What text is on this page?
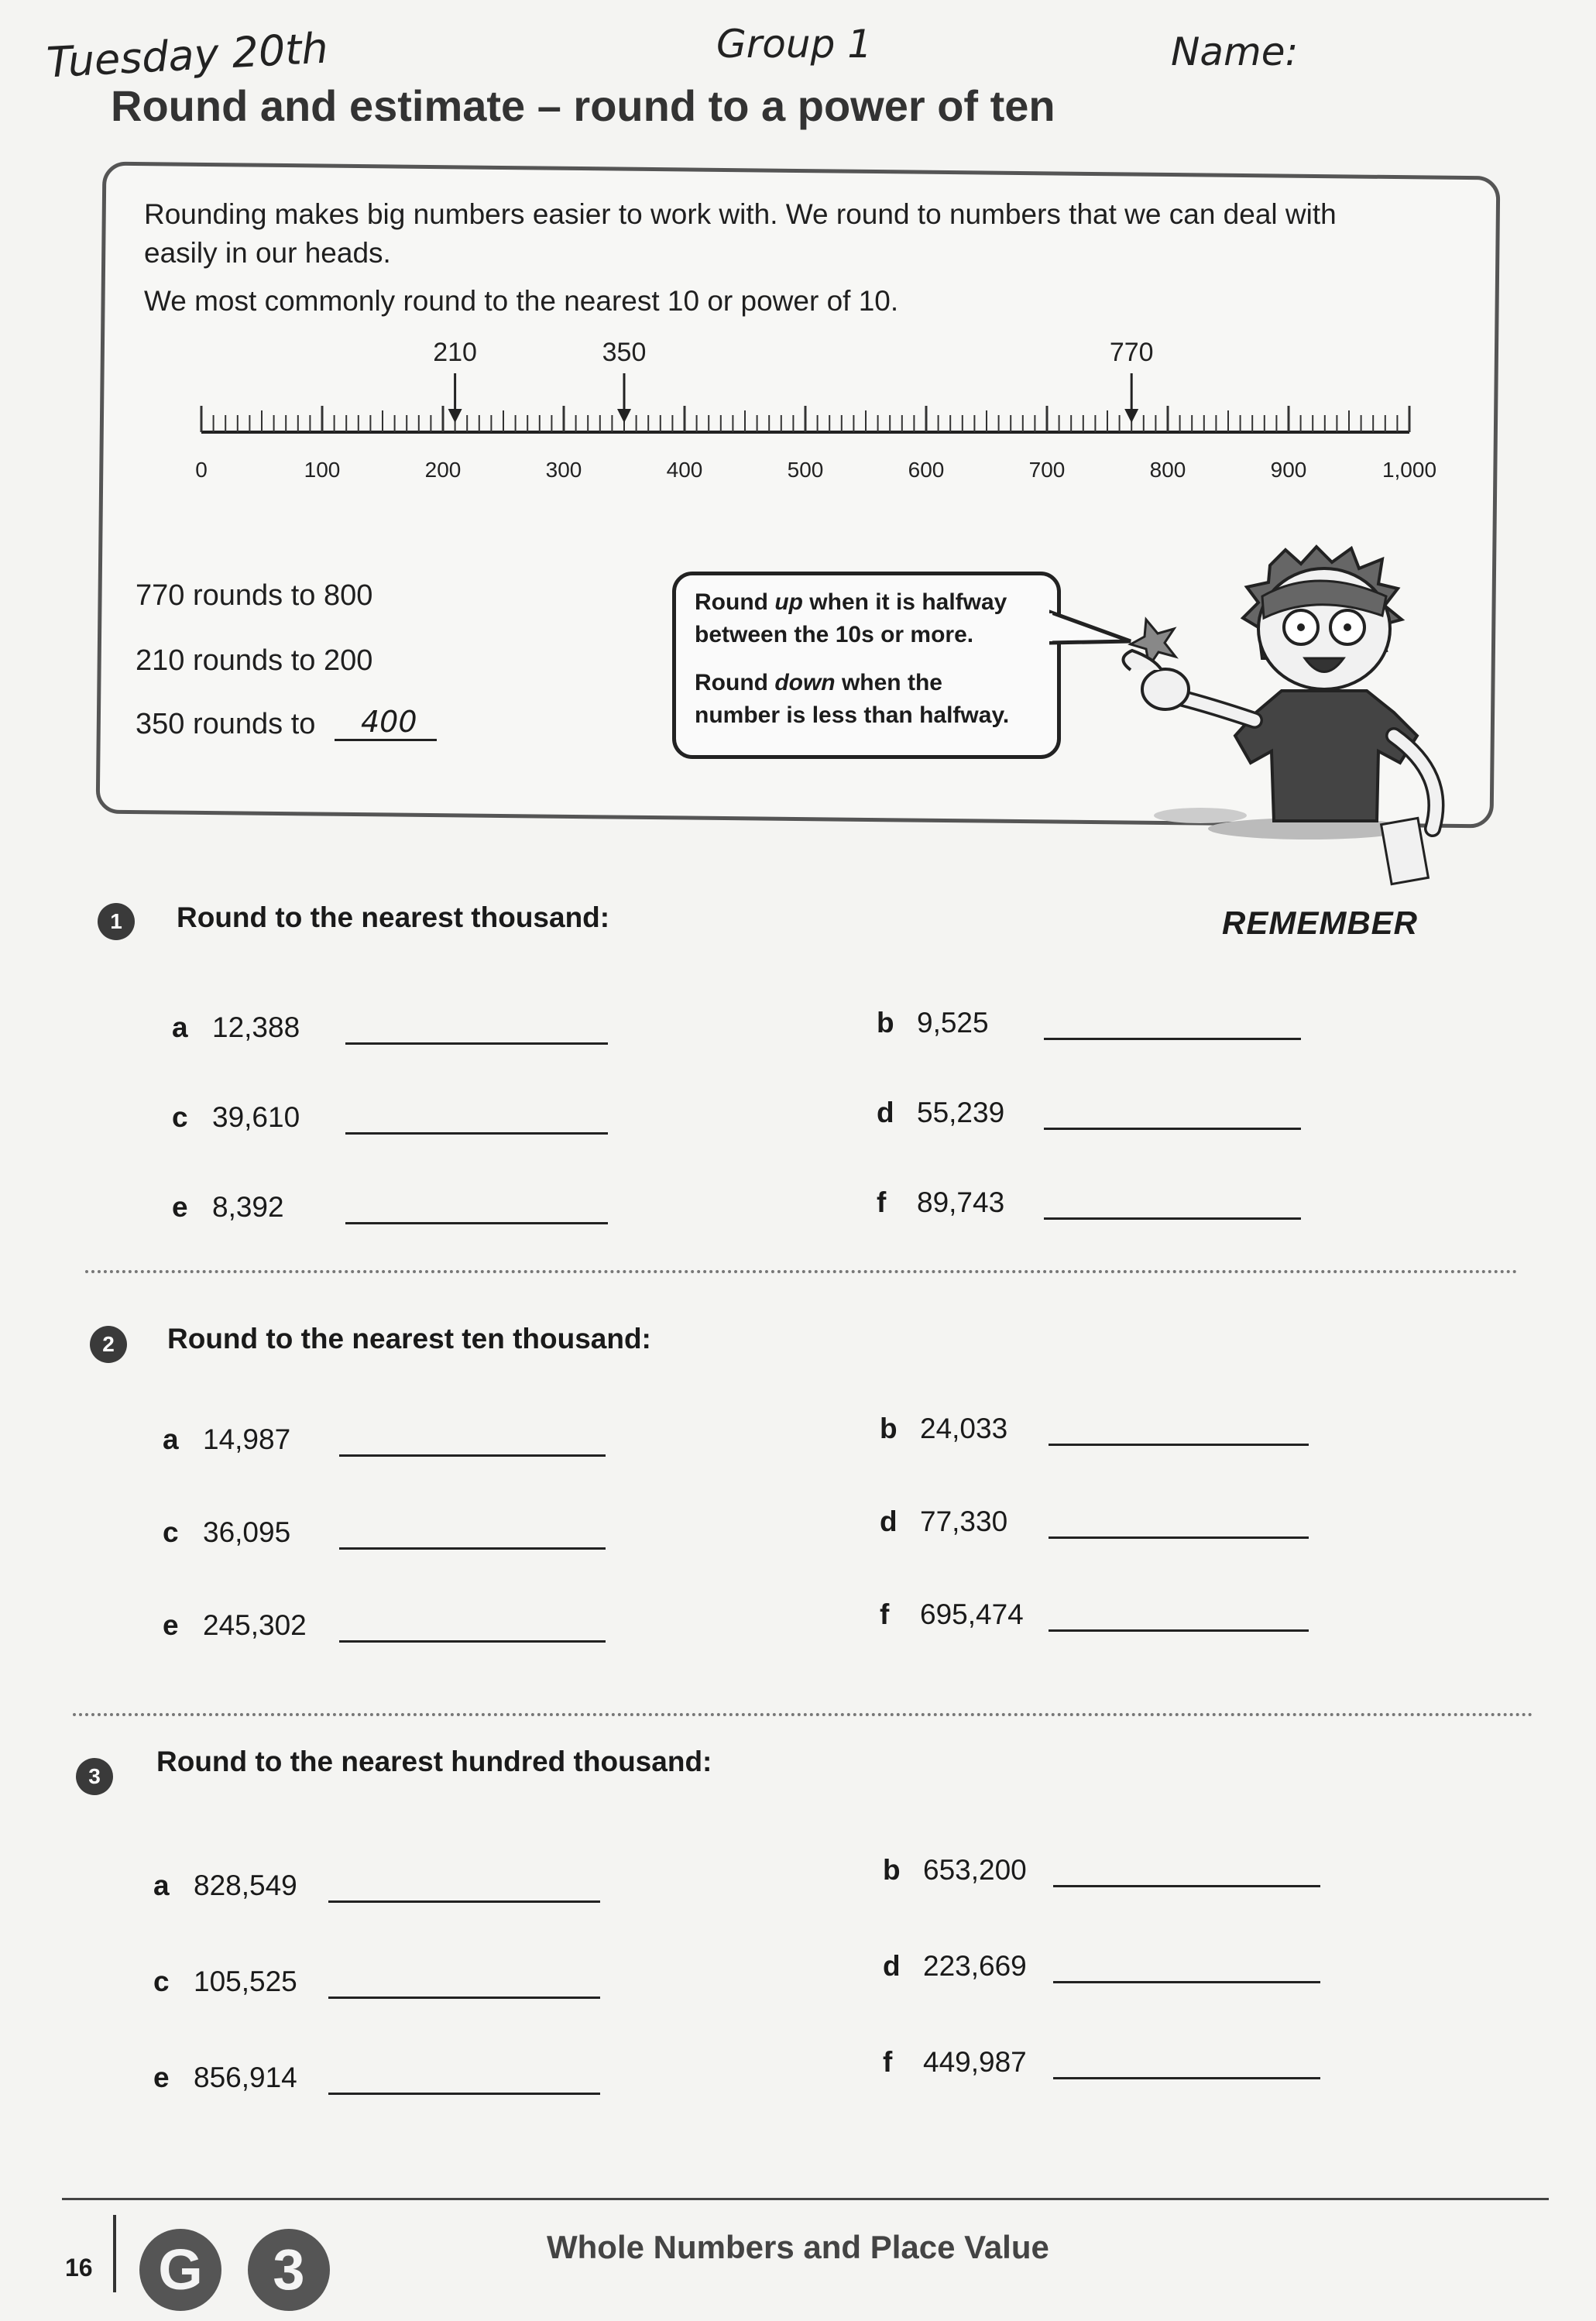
Tuesday 20th	Group 1	Name:
Round and estimate – round to a power of ten
Rounding makes big numbers easier to work with. We round to numbers that we can deal with
easily in our heads.
We most commonly round to the nearest 10 or power of 10.
0	100	200	300	400	500	600	700	800	900	1,000
210	350	770
770 rounds to 800
210 rounds to 200
350 rounds to 400

Round up when it is halfway

between the 10s or more.

Round down when the

number is less than halfway.

REMEMBER
1	Round to the nearest thousand:
a 12,388	b 9,525
c 39,610	d 55,239
e 8,392	f 89,743
2	Round to the nearest ten thousand:
a 14,987	b 24,033
c 36,095	d 77,330
e 245,302	f 695,474
3	Round to the nearest hundred thousand:
a 828,549	b 653,200
c 105,525	d 223,669
e 856,914	f 449,987
16	G	3	Whole Numbers and Place Value
